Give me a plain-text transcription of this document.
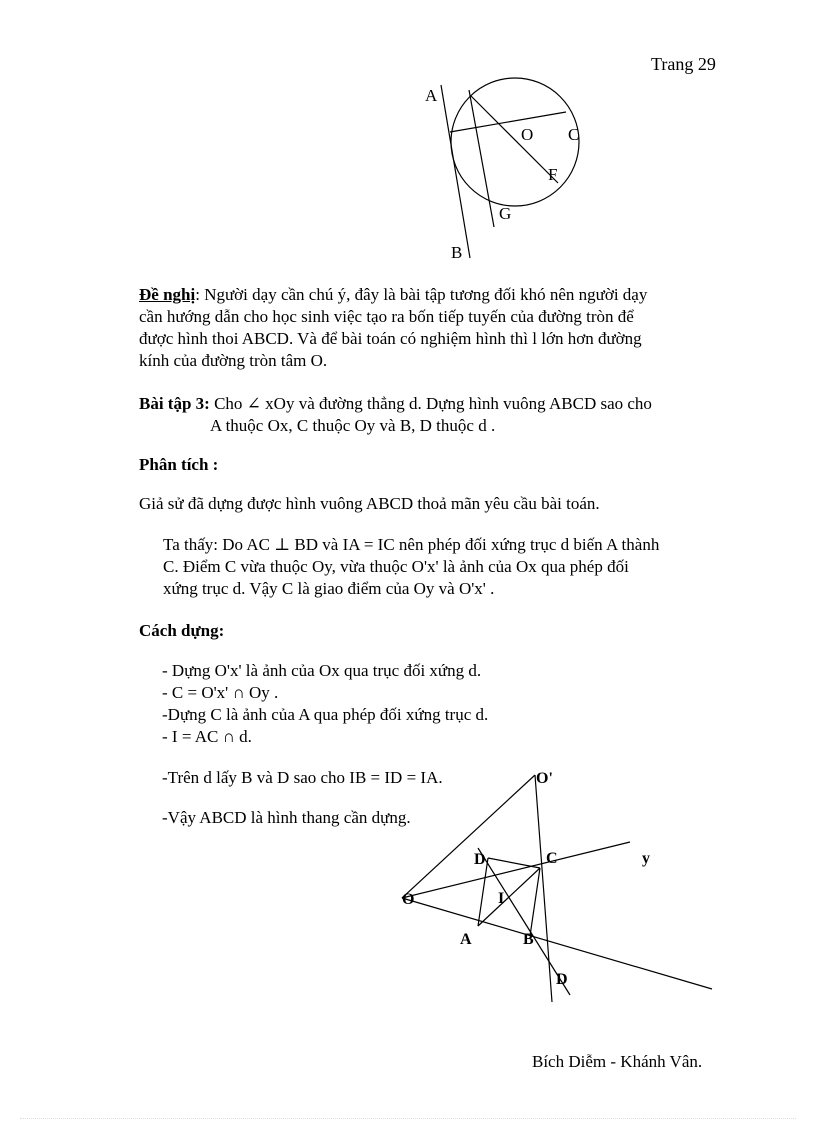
Trang 29
A
O C
F
G
B
Đề nghị: Người dạy cần chú ý, đây là bài tập tương đối khó nên người dạy
cần hướng dẫn cho học sinh việc tạo ra bốn tiếp tuyến của đường tròn để
được hình thoi ABCD. Và để bài toán có nghiệm hình thì l lớn hơn đường
kính của đường tròn tâm O.
Bài tập 3: Cho ∠ xOy và đường thẳng d. Dựng hình vuông ABCD sao cho
A thuộc Ox, C thuộc Oy và B, D thuộc d .
Phân tích :
Giả sử đã dựng được hình vuông ABCD thoả mãn yêu cầu bài toán.
Ta thấy: Do AC ⊥ BD và IA = IC nên phép đối xứng trục d biến A thành
C. Điểm C vừa thuộc Oy, vừa thuộc O'x' là ảnh của Ox qua phép đối
xứng trục d. Vậy C là giao điểm của Oy và O'x' .
Cách dựng:
- Dựng O'x' là ảnh của Ox qua trục đối xứng d.
- C = O'x' ∩ Oy .
-Dựng C là ảnh của A qua phép đối xứng trục d.
- I = AC ∩ d.
-Trên d lấy B và D sao cho IB = ID = IA.
-Vậy ABCD là hình thang cần dựng.
O'
D	C	y
O	I
A	B
D
Bích Diễm - Khánh Vân.
